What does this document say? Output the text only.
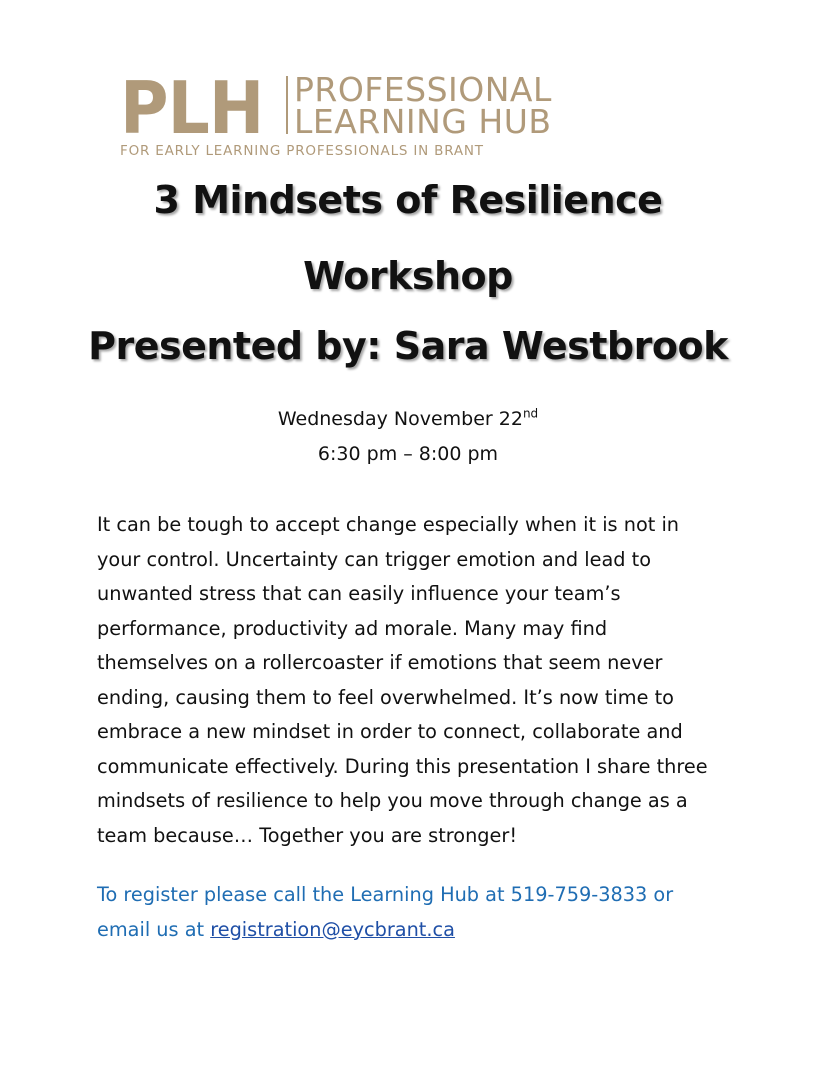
PLH PROFESSIONAL
LEARNING HUB
FOR EARLY LEARNING PROFESSIONALS IN BRANT
3 Mindsets of Resilience
Workshop
Presented by: Sara Westbrook
Wednesday November 22nd
6:30 pm – 8:00 pm
It can be tough to accept change especially when it is not in
your control. Uncertainty can trigger emotion and lead to
unwanted stress that can easily influence your team’s
performance, productivity ad morale. Many may find
themselves on a rollercoaster if emotions that seem never
ending, causing them to feel overwhelmed. It’s now time to
embrace a new mindset in order to connect, collaborate and
communicate effectively. During this presentation I share three
mindsets of resilience to help you move through change as a
team because… Together you are stronger!
To register please call the Learning Hub at 519-759-3833 or
email us at registration@eycbrant.ca
